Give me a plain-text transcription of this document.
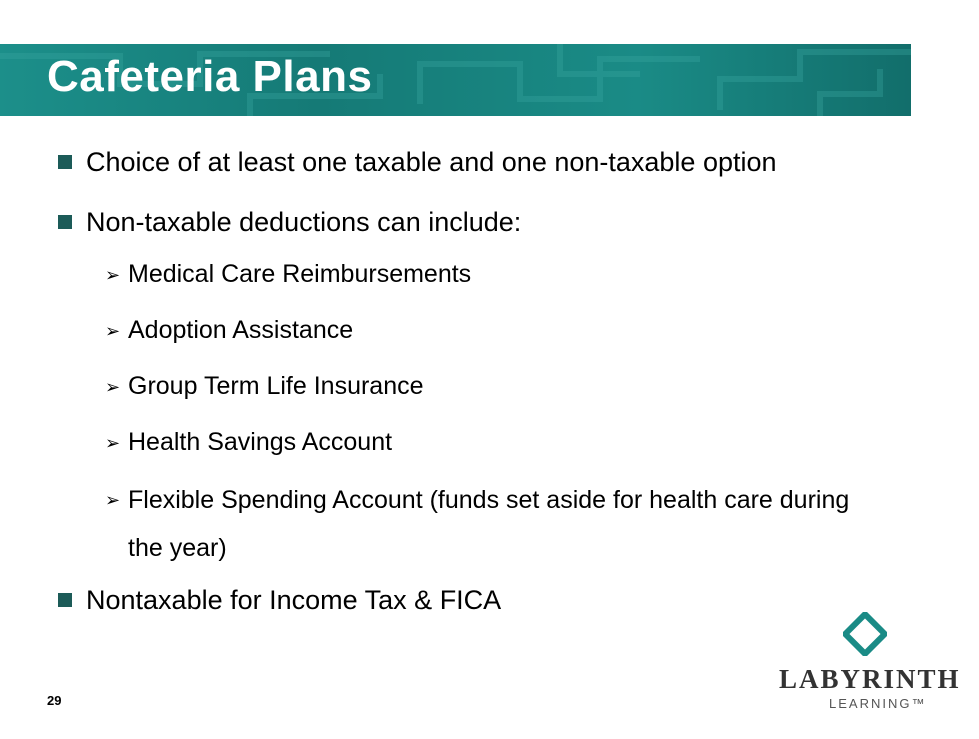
Cafeteria Plans
Choice of at least one taxable and one non-taxable option
Non-taxable deductions can include:
➢ Medical Care Reimbursements
➢ Adoption Assistance
➢ Group Term Life Insurance
➢ Health Savings Account
➢ Flexible Spending Account (funds set aside for health care during the year)
Nontaxable for Income Tax & FICA
29
LABYRINTH
LEARNING™
